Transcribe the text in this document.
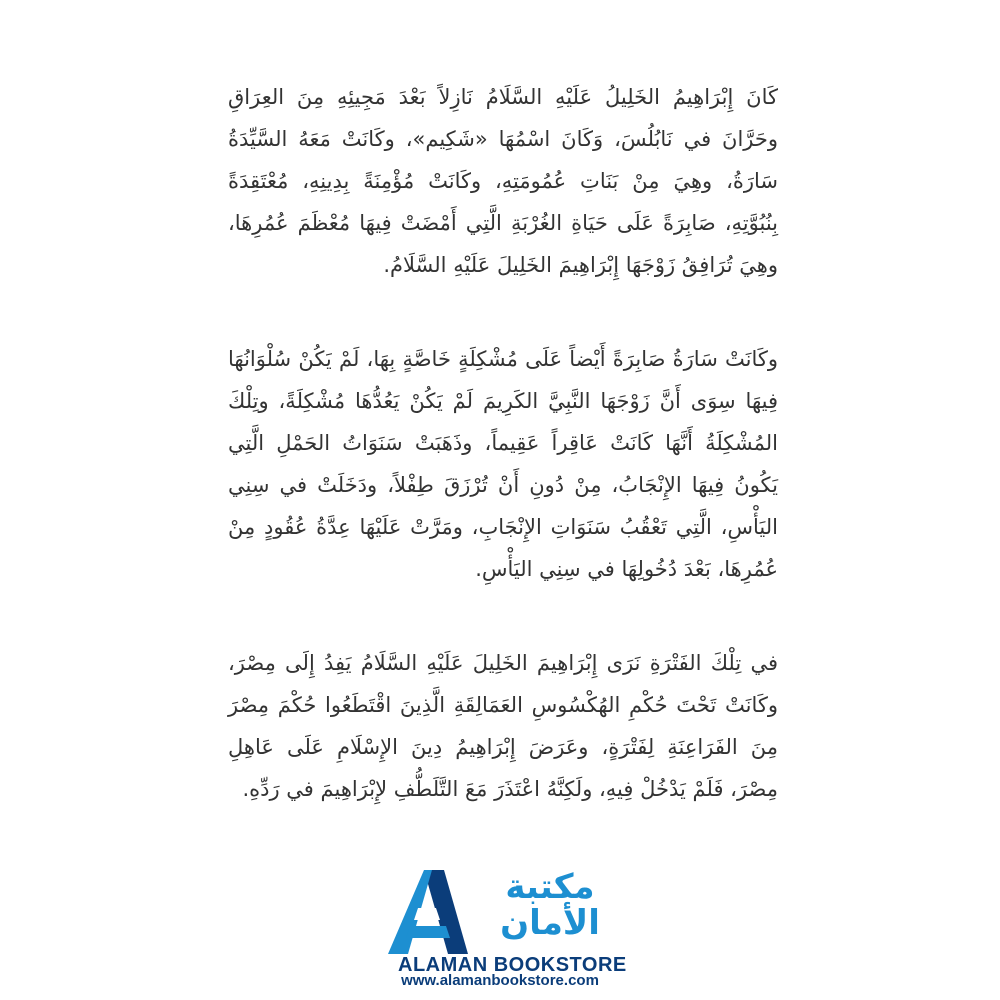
كَانَ إِبْرَاهِيمُ الخَلِيلُ عَلَيْهِ السَّلَامُ نَازِلاً بَعْدَ مَجِيئِهِ مِنَ العِرَاقِ وحَرَّانَ في نَابُلُسَ، وَكَانَ اسْمُهَا «شَكِيم»، وكَانَتْ مَعَهُ السَّيِّدَةُ سَارَةُ، وهِيَ مِنْ بَنَاتِ عُمُومَتِهِ، وكَانَتْ مُؤْمِنَةً بِدِينِهِ، مُعْتَقِدَةً بِنُبُوَّتِهِ، صَابِرَةً عَلَى حَيَاةِ الغُرْبَةِ الَّتِي أَمْضَتْ فِيهَا مُعْظَمَ عُمُرِهَا، وهِيَ تُرَافِقُ زَوْجَهَا إِبْرَاهِيمَ الخَلِيلَ عَلَيْهِ السَّلَامُ.
وكَانَتْ سَارَةُ صَابِرَةً أَيْضاً عَلَى مُشْكِلَةٍ خَاصَّةٍ بِهَا، لَمْ يَكُنْ سُلْوَانُهَا فِيهَا سِوَى أَنَّ زَوْجَهَا النَّبِيَّ الكَرِيمَ لَمْ يَكُنْ يَعُدُّهَا مُشْكِلَةً، وتِلْكَ المُشْكِلَةُ أَنَّهَا كَانَتْ عَاقِراً عَقِيماً، وذَهَبَتْ سَنَوَاتُ الحَمْلِ الَّتِي يَكُونُ فِيهَا الإِنْجَابُ، مِنْ دُونِ أَنْ تُرْزَقَ طِفْلاً، ودَخَلَتْ في سِنِي اليَأْسِ، الَّتِي تَعْقُبُ سَنَوَاتِ الإِنْجَابِ، ومَرَّتْ عَلَيْهَا عِدَّةُ عُقُودٍ مِنْ عُمُرِهَا، بَعْدَ دُخُولِهَا في سِنِي اليَأْسِ.
في تِلْكَ الفَتْرَةِ نَرَى إِبْرَاهِيمَ الخَلِيلَ عَلَيْهِ السَّلَامُ يَفِدُ إِلَى مِصْرَ، وكَانَتْ تَحْتَ حُكْمِ الهُكْسُوسِ العَمَالِقَةِ الَّذِينَ اقْتَطَعُوا حُكْمَ مِصْرَ مِنَ الفَرَاعِنَةِ لِفَتْرَةٍ، وعَرَضَ إِبْرَاهِيمُ دِينَ الإِسْلَامِ عَلَى عَاهِلِ مِصْرَ، فَلَمْ يَدْخُلْ فِيهِ، ولَكِنَّهُ اعْتَذَرَ مَعَ التَّلَطُّفِ لإِبْرَاهِيمَ في رَدِّهِ.
مكتبة
الأمان
ALAMAN BOOKSTORE
www.alamanbookstore.com
